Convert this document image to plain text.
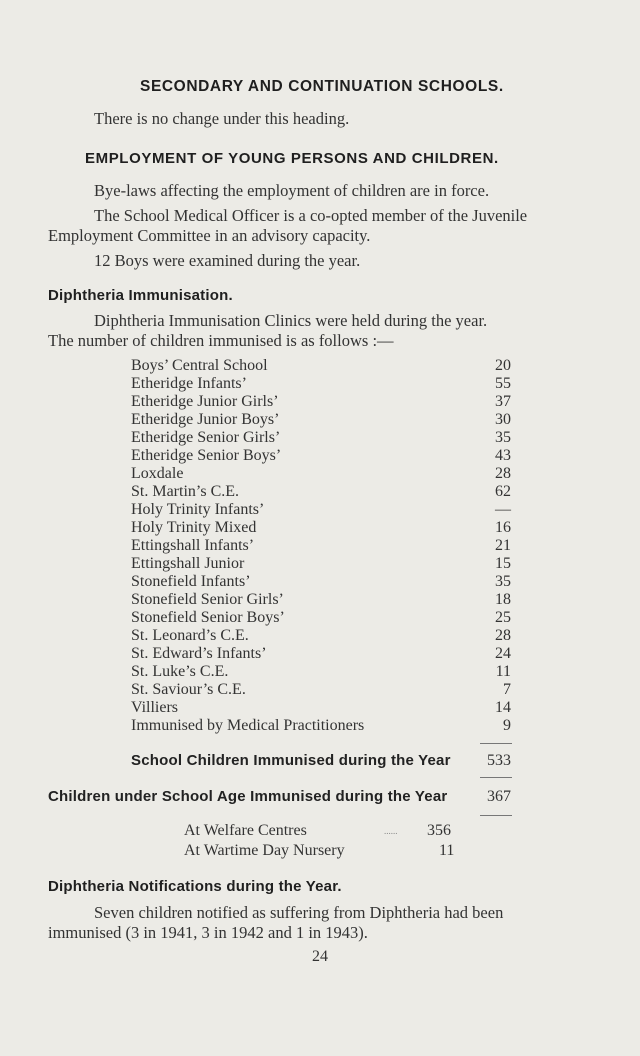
SECONDARY AND CONTINUATION SCHOOLS.
There is no change under this heading.
EMPLOYMENT OF YOUNG PERSONS AND CHILDREN.
Bye-laws affecting the employment of children are in force.
The School Medical Officer is a co-opted member of the Juvenile
Employment Committee in an advisory capacity.
12 Boys were examined during the year.
Diphtheria Immunisation.
Diphtheria Immunisation Clinics were held during the year.
The number of children immunised is as follows :—
Boys’ Central School	20
Etheridge Infants’	55
Etheridge Junior Girls’	37
Etheridge Junior Boys’	30
Etheridge Senior Girls’	35
Etheridge Senior Boys’	43
Loxdale	28
St. Martin’s C.E.	62
Holy Trinity Infants’	—
Holy Trinity Mixed	16
Ettingshall Infants’	21
Ettingshall Junior	15
Stonefield Infants’	35
Stonefield Senior Girls’	18
Stonefield Senior Boys’	25
St. Leonard’s C.E.	28
St. Edward’s Infants’	24
St. Luke’s C.E.	11
St. Saviour’s C.E.	7
Villiers	14
Immunised by Medical Practitioners	9
School Children Immunised during the Year 533
Children under School Age Immunised during the Year 367
At Welfare Centres	...... 356
At Wartime Day Nursery	11
Diphtheria Notifications during the Year.
Seven children notified as suffering from Diphtheria had been
immunised (3 in 1941, 3 in 1942 and 1 in 1943).
24
